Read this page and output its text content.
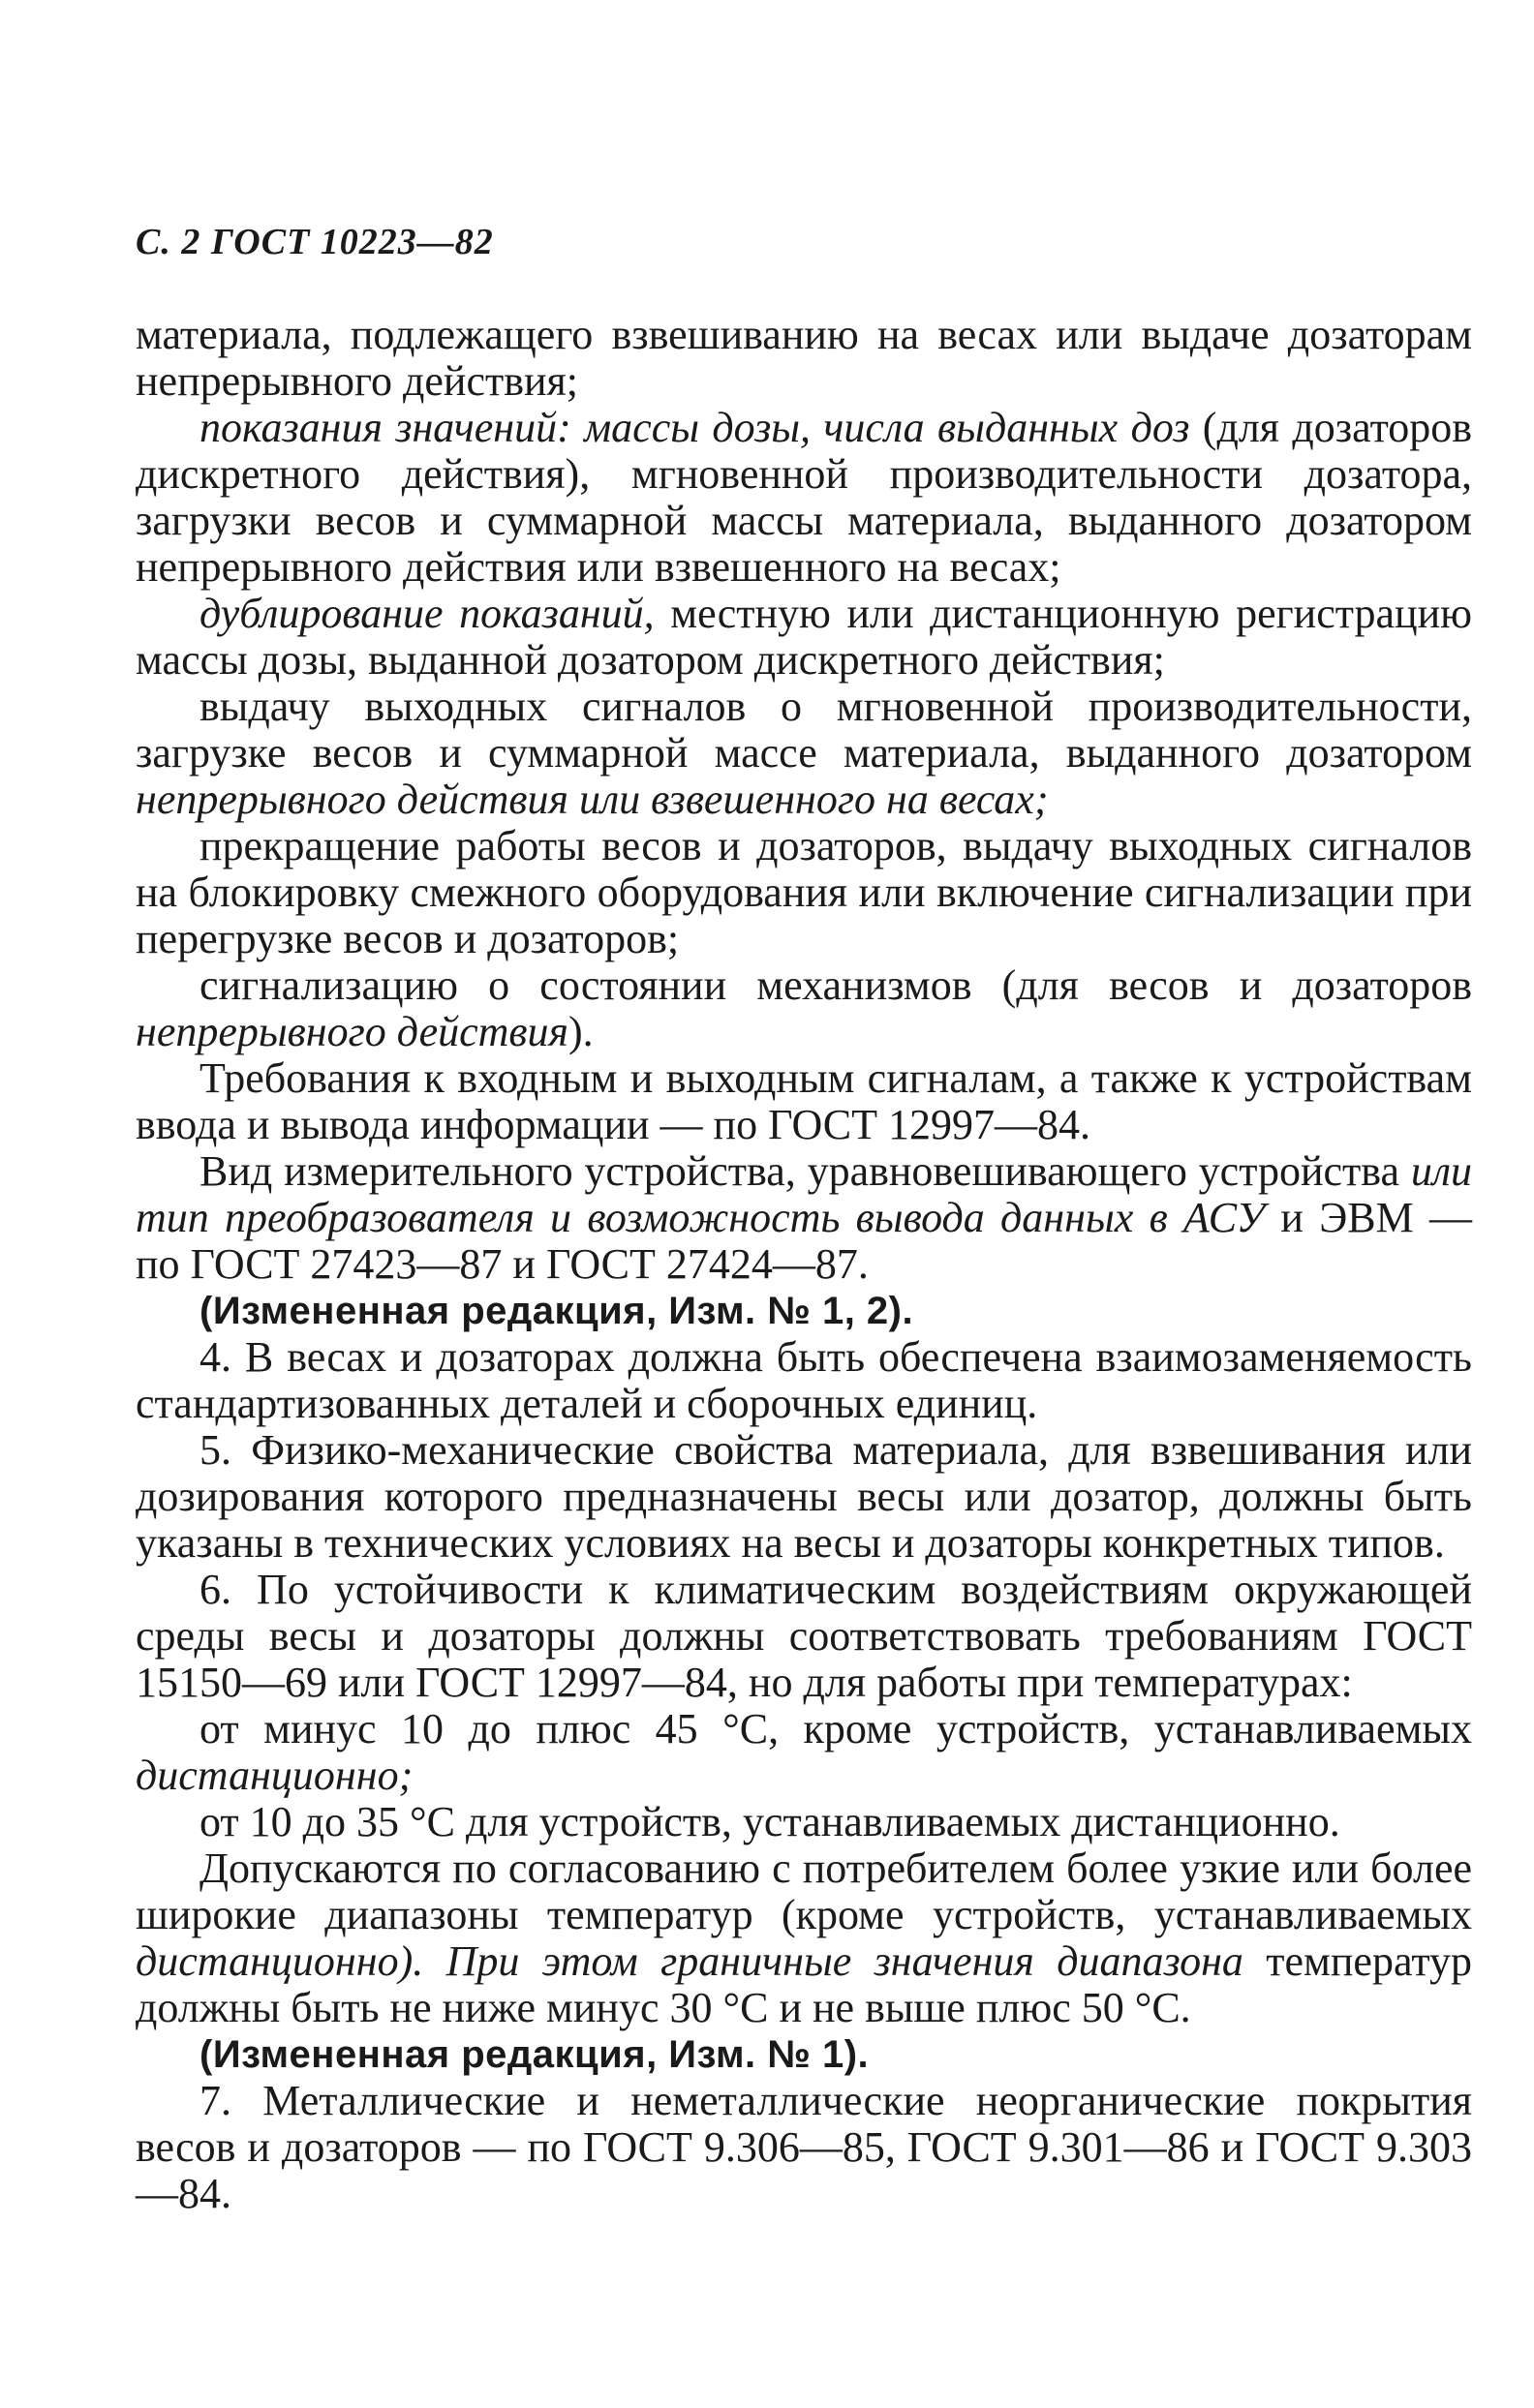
С. 2 ГОСТ 10223—82

материала, подлежащего взвешиванию на весах или выдаче дозаторам непрерывного действия;

показания значений: массы дозы, числа выданных доз (для дозаторов дискретного действия), мгновенной производительности дозатора, загрузки весов и суммарной массы материала, выданного дозатором непрерывного действия или взвешенного на весах;

дублирование показаний, местную или дистанционную регистрацию массы дозы, выданной дозатором дискретного действия;

выдачу выходных сигналов о мгновенной производительности, загрузке весов и суммарной массе материала, выданного дозатором непрерывного действия или взвешенного на весах;

прекращение работы весов и дозаторов, выдачу выходных сигналов на блокировку смежного оборудования или включение сигнализации при перегрузке весов и дозаторов;

сигнализацию о состоянии механизмов (для весов и дозаторов непрерывного действия).

Требования к входным и выходным сигналам, а также к устройствам ввода и вывода информации — по ГОСТ 12997—84.

Вид измерительного устройства, уравновешивающего устройства или тип преобразователя и возможность вывода данных в АСУ и ЭВМ — по ГОСТ 27423—87 и ГОСТ 27424—87.

(Измененная редакция, Изм. № 1, 2).

4. В весах и дозаторах должна быть обеспечена взаимозаменяемость стандартизованных деталей и сборочных единиц.

5. Физико-механические свойства материала, для взвешивания или дозирования которого предназначены весы или дозатор, должны быть указаны в технических условиях на весы и дозаторы конкретных типов.

6. По устойчивости к климатическим воздействиям окружающей среды весы и дозаторы должны соответствовать требованиям ГОСТ 15150—69 или ГОСТ 12997—84, но для работы при температурах:

от минус 10 до плюс 45 °С, кроме устройств, устанавливаемых дистанционно;

от 10 до 35 °С для устройств, устанавливаемых дистанционно.

Допускаются по согласованию с потребителем более узкие или более широкие диапазоны температур (кроме устройств, устанавливаемых дистанционно). При этом граничные значения диапазона температур должны быть не ниже минус 30 °С и не выше плюс 50 °С.

(Измененная редакция, Изм. № 1).

7. Металлические и неметаллические неорганические покрытия весов и дозаторов — по ГОСТ 9.306—85, ГОСТ 9.301—86 и ГОСТ 9.303—84.
